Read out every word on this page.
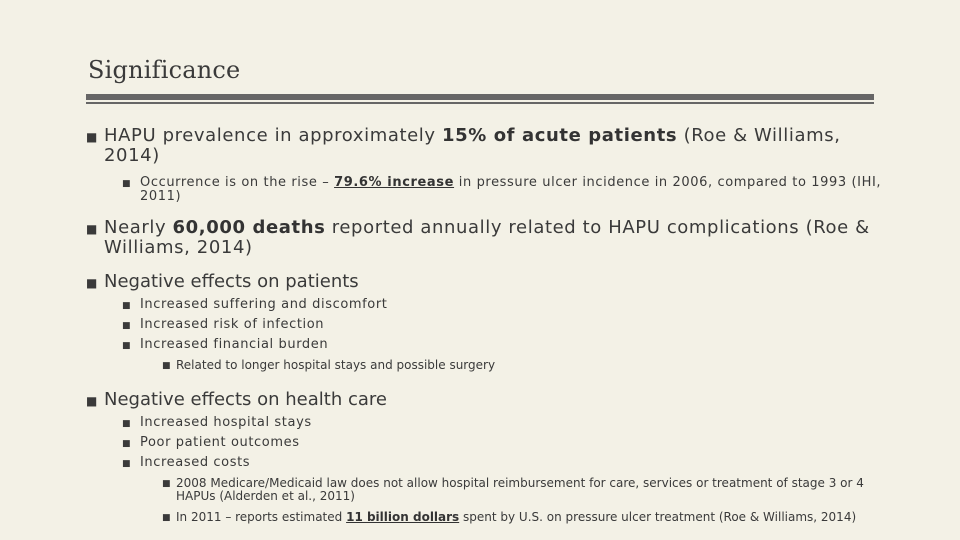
Significance
■ HAPU prevalence in approximately 15% of acute patients (Roe & Williams, 2014)
■ Occurrence is on the rise – 79.6% increase in pressure ulcer incidence in 2006, compared to 1993 (IHI, 2011)
■ Nearly 60,000 deaths reported annually related to HAPU complications (Roe & Williams, 2014)
■ Negative effects on patients
■ Increased suffering and discomfort
■ Increased risk of infection
■ Increased financial burden
■ Related to longer hospital stays and possible surgery
■ Negative effects on health care
■ Increased hospital stays
■ Poor patient outcomes
■ Increased costs
■ 2008 Medicare/Medicaid law does not allow hospital reimbursement for care, services or treatment of stage 3 or 4 HAPUs (Alderden et al., 2011)
■ In 2011 – reports estimated 11 billion dollars spent by U.S. on pressure ulcer treatment (Roe & Williams, 2014)
